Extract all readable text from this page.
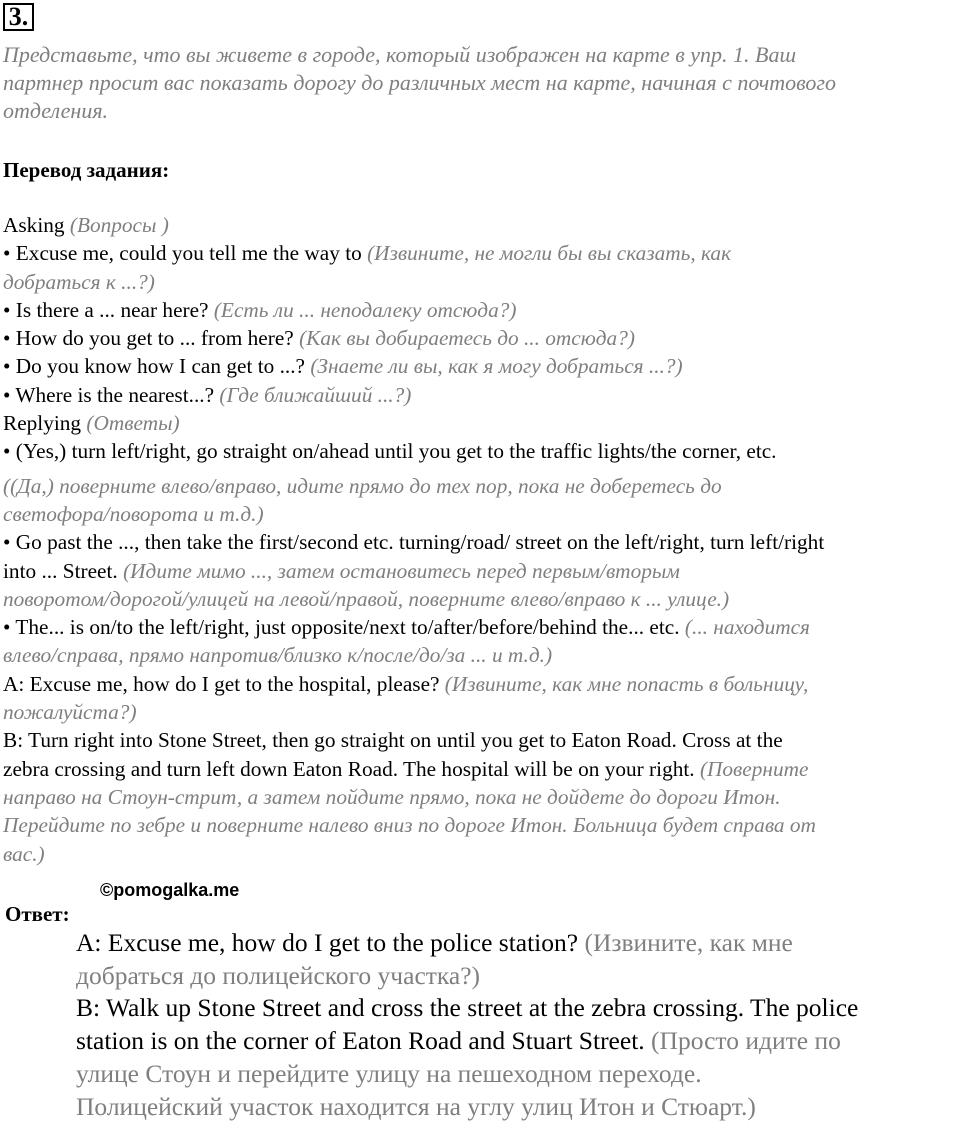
3.

Представьте, что вы живете в городе, который изображен на карте в упр. 1. Ваш
партнер просит вас показать дорогу до различных мест на карте, начиная с почтового
отделения.

Перевод задания:

Asking (Вопросы )
• Excuse me, could you tell me the way to (Извините, не могли бы вы сказать, как
добраться к ...?)
• Is there a ... near here? (Есть ли ... неподалеку отсюда?)
• How do you get to ... from here? (Как вы добираетесь до ... отсюда?)
• Do you know how I can get to ...? (Знаете ли вы, как я могу добраться ...?)
• Where is the nearest...? (Где ближайший ...?)
Replying (Ответы)
• (Yes,) turn left/right, go straight on/ahead until you get to the traffic lights/the corner, etc.
((Да,) поверните влево/вправо, идите прямо до тех пор, пока не доберетесь до
светофора/поворота и т.д.)
• Go past the ..., then take the first/second etc. turning/road/ street on the left/right, turn left/right
into ... Street. (Идите мимо ..., затем остановитесь перед первым/вторым
поворотом/дорогой/улицей на левой/правой, поверните влево/вправо к ... улице.)
• The... is on/to the left/right, just opposite/next to/after/before/behind the... etc. (... находится
влево/справа, прямо напротив/близко к/после/до/за ... и т.д.)
A: Excuse me, how do I get to the hospital, please? (Извините, как мне попасть в больницу,
пожалуйста?)
B: Turn right into Stone Street, then go straight on until you get to Eaton Road. Cross at the
zebra crossing and turn left down Eaton Road. The hospital will be on your right. (Поверните
направо на Стоун-стрит, а затем пойдите прямо, пока не дойдете до дороги Итон.
Перейдите по зебре и поверните налево вниз по дороге Итон. Больница будет справа от
вас.)
©pomogalka.me
Ответ:
A: Excuse me, how do I get to the police station? (Извините, как мне
добраться до полицейского участка?)
B: Walk up Stone Street and cross the street at the zebra crossing. The police
station is on the corner of Eaton Road and Stuart Street. (Просто идите по
улице Стоун и перейдите улицу на пешеходном переходе.
Полицейский участок находится на углу улиц Итон и Стюарт.)
